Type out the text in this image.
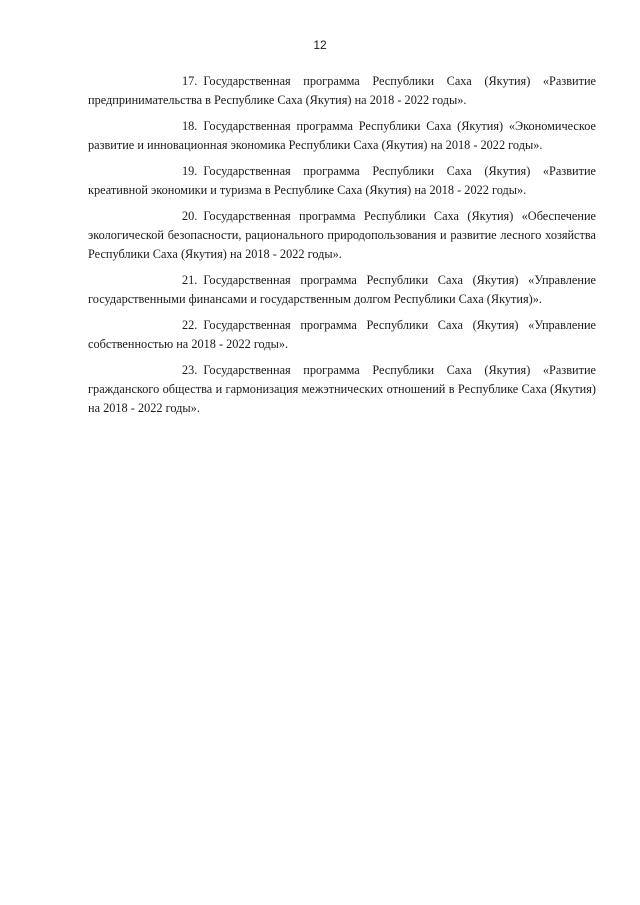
12

17. Государственная программа Республики Саха (Якутия) «Развитие предпринимательства в Республике Саха (Якутия) на 2018 - 2022 годы».

18. Государственная программа Республики Саха (Якутия) «Экономическое развитие и инновационная экономика Республики Саха (Якутия) на 2018 - 2022 годы».

19. Государственная программа Республики Саха (Якутия) «Развитие креативной экономики и туризма в Республике Саха (Якутия) на 2018 - 2022 годы».

20. Государственная программа Республики Саха (Якутия) «Обеспечение экологической безопасности, рационального природопользования и развитие лесного хозяйства Республики Саха (Якутия) на 2018 - 2022 годы».

21. Государственная программа Республики Саха (Якутия) «Управление государственными финансами и государственным долгом Республики Саха (Якутия)».

22. Государственная программа Республики Саха (Якутия) «Управление собственностью на 2018 - 2022 годы».

23. Государственная программа Республики Саха (Якутия) «Развитие гражданского общества и гармонизация межэтнических отношений в Республике Саха (Якутия) на 2018 - 2022 годы».
